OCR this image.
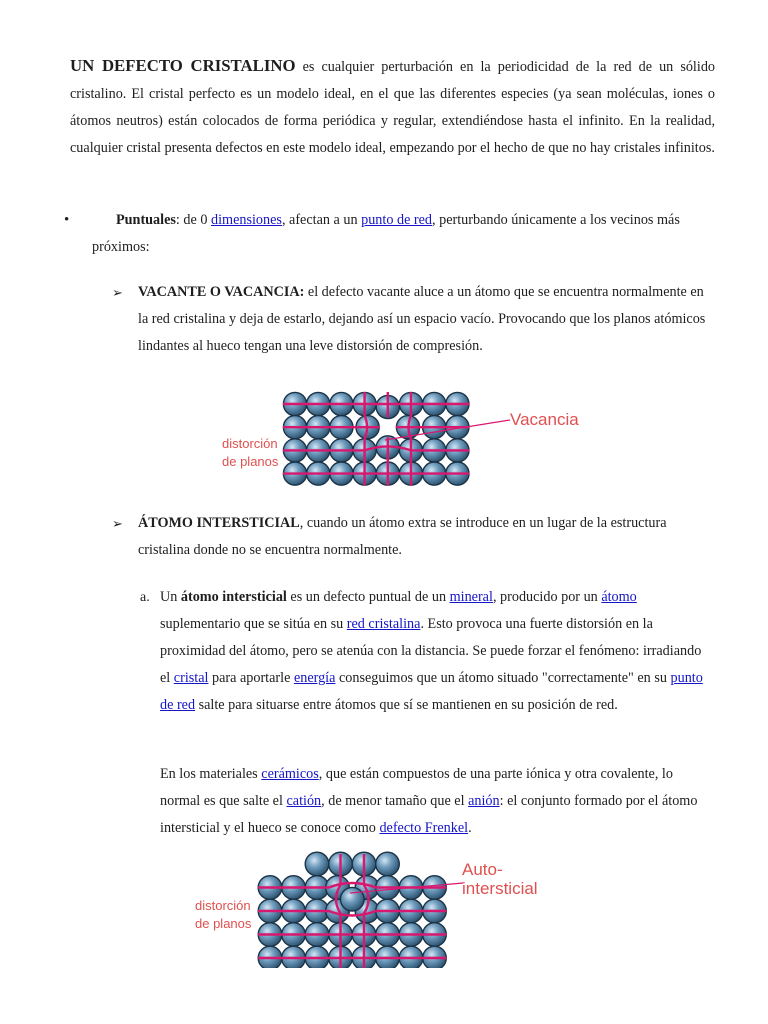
UN DEFECTO CRISTALINO es cualquier perturbación en la periodicidad de la red de un sólido cristalino. El cristal perfecto es un modelo ideal, en el que las diferentes especies (ya sean moléculas, iones o átomos neutros) están colocados de forma periódica y regular, extendiéndose hasta el infinito. En la realidad, cualquier cristal presenta defectos en este modelo ideal, empezando por el hecho de que no hay cristales infinitos.

•	Puntuales: de 0 dimensiones, afectan a un punto de red, perturbando únicamente a los vecinos más próximos:

➢ VACANTE O VACANCIA: el defecto vacante aluce a un átomo que se encuentra normalmente en la red cristalina y deja de estarlo, dejando así un espacio vacío. Provocando que los planos atómicos lindantes al hueco tengan una leve distorsión de compresión.

Vacancia
distorción
de planos
➢ ÁTOMO INTERSTICIAL, cuando un átomo extra se introduce en un lugar de la estructura cristalina donde no se encuentra normalmente.

a. Un átomo intersticial es un defecto puntual de un mineral, producido por un átomo suplementario que se sitúa en su red cristalina. Esto provoca una fuerte distorsión en la proximidad del átomo, pero se atenúa con la distancia. Se puede forzar el fenómeno: irradiando el cristal para aportarle energía conseguimos que un átomo situado "correctamente" en su punto de red salte para situarse entre átomos que sí se mantienen en su posición de red.

En los materiales cerámicos, que están compuestos de una parte iónica y otra covalente, lo normal es que salte el catión, de menor tamaño que el anión: el conjunto formado por el átomo intersticial y el hueco se conoce como defecto Frenkel.

Auto-
intersticial
distorción
de planos
